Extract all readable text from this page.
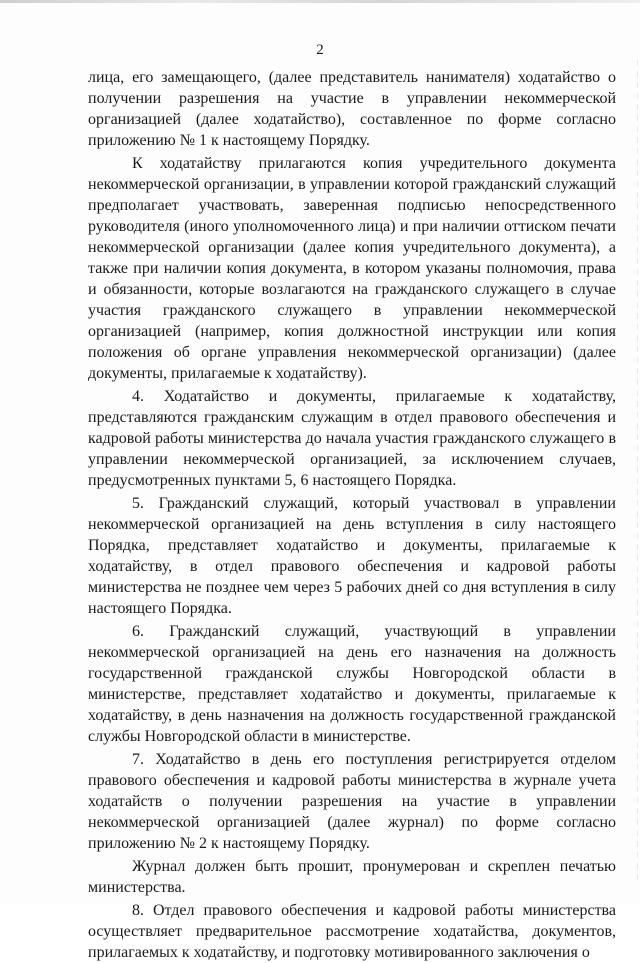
2

лица, его замещающего, (далее представитель нанимателя) ходатайство о получении разрешения на участие в управлении некоммерческой организацией (далее ходатайство), составленное по форме согласно приложению № 1 к настоящему Порядку.

К ходатайству прилагаются копия учредительного документа некоммерческой организации, в управлении которой гражданский служащий предполагает участвовать, заверенная подписью непосредственного руководителя (иного уполномоченного лица) и при наличии оттиском печати некоммерческой организации (далее копия учредительного документа), а также при наличии копия документа, в котором указаны полномочия, права и обязанности, которые возлагаются на гражданского служащего в случае участия гражданского служащего в управлении некоммерческой организацией (например, копия должностной инструкции или копия положения об органе управления некоммерческой организации) (далее документы, прилагаемые к ходатайству).

4. Ходатайство и документы, прилагаемые к ходатайству, представляются гражданским служащим в отдел правового обеспечения и кадровой работы министерства до начала участия гражданского служащего в управлении некоммерческой организацией, за исключением случаев, предусмотренных пунктами 5, 6 настоящего Порядка.

5. Гражданский служащий, который участвовал в управлении некоммерческой организацией на день вступления в силу настоящего Порядка, представляет ходатайство и документы, прилагаемые к ходатайству, в отдел правового обеспечения и кадровой работы министерства не позднее чем через 5 рабочих дней со дня вступления в силу настоящего Порядка.

6. Гражданский служащий, участвующий в управлении некоммерческой организацией на день его назначения на должность государственной гражданской службы Новгородской области в министерстве, представляет ходатайство и документы, прилагаемые к ходатайству, в день назначения на должность государственной гражданской службы Новгородской области в министерстве.

7. Ходатайство в день его поступления регистрируется отделом правового обеспечения и кадровой работы министерства в журнале учета ходатайств о получении разрешения на участие в управлении некоммерческой организацией (далее журнал) по форме согласно приложению № 2 к настоящему Порядку.

Журнал должен быть прошит, пронумерован и скреплен печатью министерства.

8. Отдел правового обеспечения и кадровой работы министерства осуществляет предварительное рассмотрение ходатайства, документов, прилагаемых к ходатайству, и подготовку мотивированного заключения о
